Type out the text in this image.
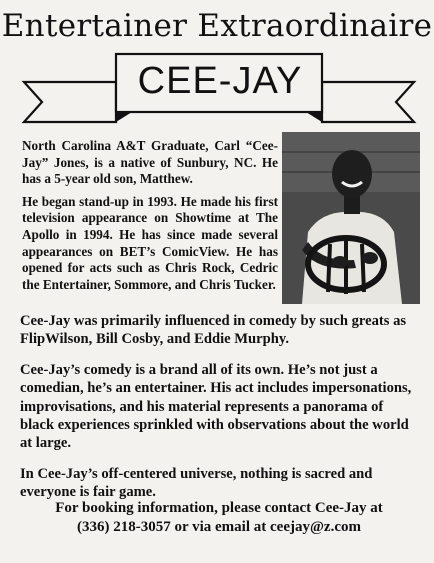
Entertainer Extraordinaire
CEE-JAY

North Carolina A&T Graduate, Carl “Cee-Jay” Jones, is a native of Sunbury, NC. He has a 5-year old son, Matthew.

He began stand-up in 1993. He made his first television appearance on Showtime at The Apollo in 1994. He has since made several appearances on BET’s ComicView. He has opened for acts such as Chris Rock, Cedric the Entertainer, Sommore, and Chris Tucker.

Cee-Jay was primarily influenced in comedy by such greats as FlipWilson, Bill Cosby, and Eddie Murphy.

Cee-Jay’s comedy is a brand all of its own. He’s not just a comedian, he’s an entertainer. His act includes impersonations, improvisations, and his material represents a panorama of black experiences sprinkled with observations about the world at large.

In Cee-Jay’s off-centered universe, nothing is sacred and everyone is fair game.

For booking information, please contact Cee-Jay at
(336) 218-3057 or via email at ceejay@z.com
